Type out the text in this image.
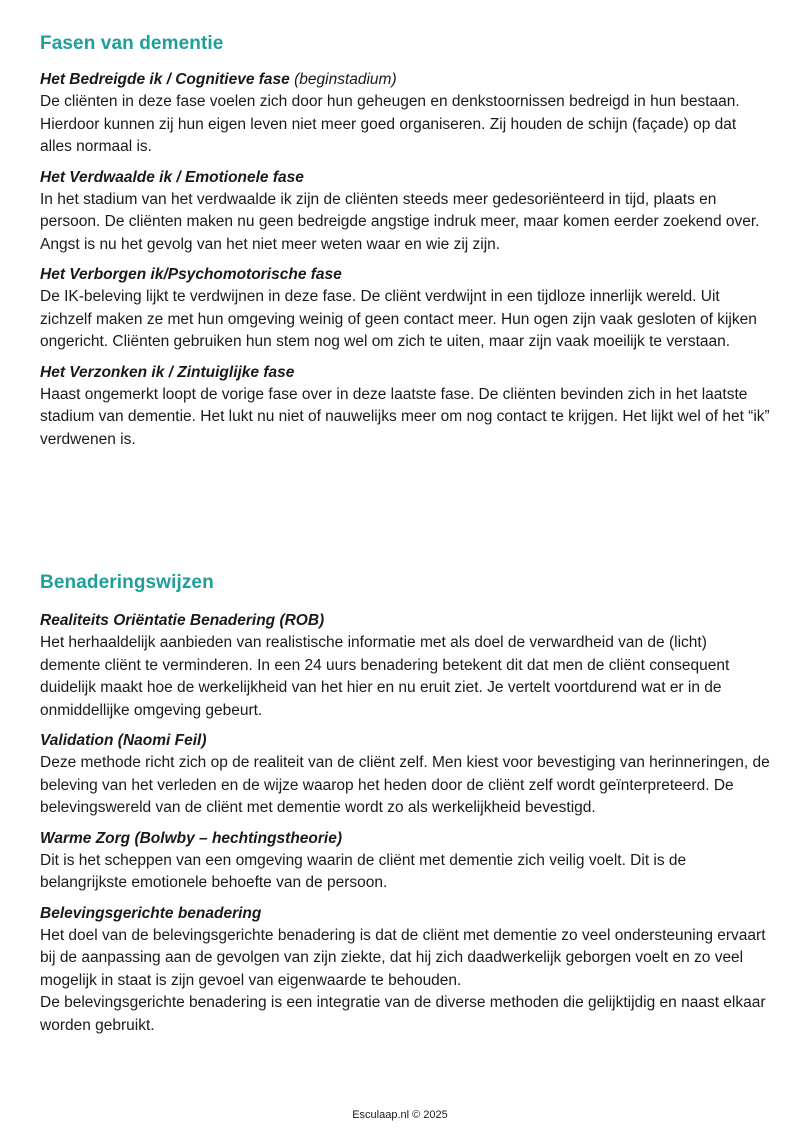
Fasen van dementie
Het Bedreigde ik / Cognitieve fase (beginstadium)
De cliënten in deze fase voelen zich door hun geheugen en denkstoornissen bedreigd in hun bestaan. Hierdoor kunnen zij hun eigen leven niet meer goed organiseren. Zij houden de schijn (façade) op dat alles normaal is.
Het Verdwaalde ik / Emotionele fase
In het stadium van het verdwaalde ik zijn de cliënten steeds meer gedesoriënteerd in tijd, plaats en persoon. De cliënten maken nu geen bedreigde angstige indruk meer, maar komen eerder zoekend over. Angst is nu het gevolg van het niet meer weten waar en wie zij zijn.
Het Verborgen ik/Psychomotorische fase
De IK-beleving lijkt te verdwijnen in deze fase. De cliënt verdwijnt in een tijdloze innerlijk wereld. Uit zichzelf maken ze met hun omgeving weinig of geen contact meer. Hun ogen zijn vaak gesloten of kijken ongericht. Cliënten gebruiken hun stem nog wel om zich te uiten, maar zijn vaak moeilijk te verstaan.
Het Verzonken ik / Zintuiglijke fase
Haast ongemerkt loopt de vorige fase over in deze laatste fase. De cliënten bevinden zich in het laatste stadium van dementie. Het lukt nu niet of nauwelijks meer om nog contact te krijgen. Het lijkt wel of het “ik” verdwenen is.
Benaderingswijzen
Realiteits Oriëntatie Benadering (ROB)
Het herhaaldelijk aanbieden van realistische informatie met als doel de verwardheid van de (licht) demente cliënt te verminderen. In een 24 uurs benadering betekent dit dat men de cliënt consequent duidelijk maakt hoe de werkelijkheid van het hier en nu eruit ziet. Je vertelt voortdurend wat er in de onmiddellijke omgeving gebeurt.
Validation (Naomi Feil)
Deze methode richt zich op de realiteit van de cliënt zelf. Men kiest voor bevestiging van herinneringen, de beleving van het verleden en de wijze waarop het heden door de cliënt zelf wordt geïnterpreteerd. De belevingswereld van de cliënt met dementie wordt zo als werkelijkheid bevestigd.
Warme Zorg (Bolwby – hechtingstheorie)
Dit is het scheppen van een omgeving waarin de cliënt met dementie zich veilig voelt. Dit is de belangrijkste emotionele behoefte van de persoon.
Belevingsgerichte benadering
Het doel van de belevingsgerichte benadering is dat de cliënt met dementie zo veel ondersteuning ervaart bij de aanpassing aan de gevolgen van zijn ziekte, dat hij zich daadwerkelijk geborgen voelt en zo veel mogelijk in staat is zijn gevoel van eigenwaarde te behouden.
De belevingsgerichte benadering is een integratie van de diverse methoden die gelijktijdig en naast elkaar worden gebruikt.
Esculaap.nl © 2025
